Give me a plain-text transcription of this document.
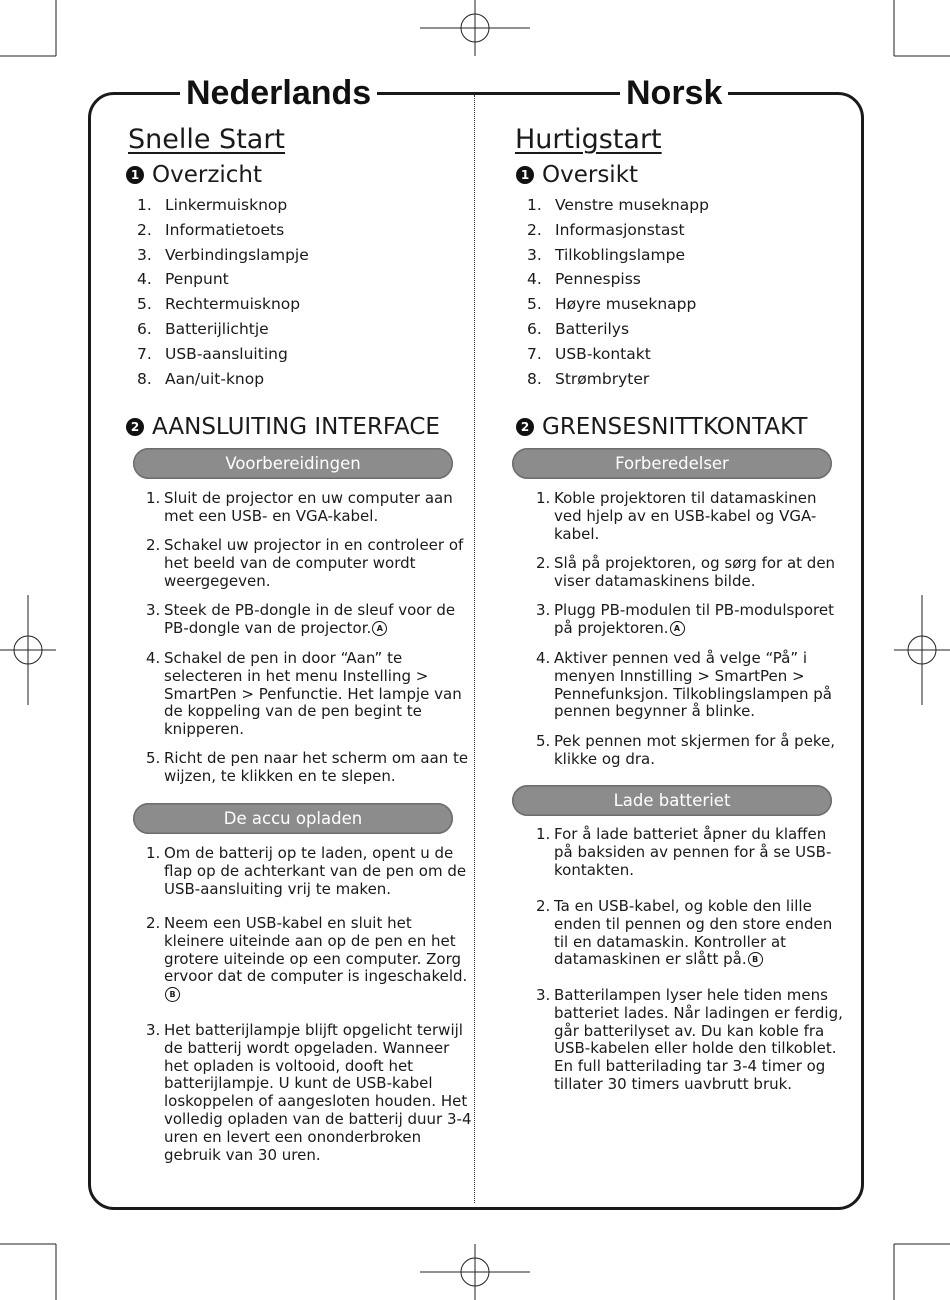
Nederlands	Norsk
Snelle Start
1 Overzicht
1. Linkermuisknop
2. Informatietoets
3. Verbindingslampje
4. Penpunt
5. Rechtermuisknop
6. Batterijlichtje
7. USB-aansluiting
8. Aan/uit-knop
2 AANSLUITING INTERFACE
Voorbereidingen
1. Sluit de projector en uw computer aan met een USB- en VGA-kabel.
2. Schakel uw projector in en controleer of het beeld van de computer wordt weergegeven.
3. Steek de PB-dongle in de sleuf voor de PB-dongle van de projector. A
4. Schakel de pen in door “Aan” te selecteren in het menu Instelling > SmartPen > Penfunctie. Het lampje van de koppeling van de pen begint te knipperen.
5. Richt de pen naar het scherm om aan te wijzen, te klikken en te slepen.
De accu opladen
1. Om de batterij op te laden, opent u de flap op de achterkant van de pen om de USB-aansluiting vrij te maken.
2. Neem een USB-kabel en sluit het kleinere uiteinde aan op de pen en het grotere uiteinde op een computer. Zorg ervoor dat de computer is ingeschakeld.B
3. Het batterijlampje blijft opgelicht terwijl de batterij wordt opgeladen. Wanneer het opladen is voltooid, dooft het batterijlampje. U kunt de USB-kabel loskoppelen of aangesloten houden. Het volledig opladen van de batterij duur 3-4 uren en levert een ononderbroken gebruik van 30 uren.
Hurtigstart
1 Oversikt
1. Venstre museknapp
2. Informasjonstast
3. Tilkoblingslampe
4. Pennespiss
5. Høyre museknapp
6. Batterilys
7. USB-kontakt
8. Strømbryter
2 GRENSESNITTKONTAKT
Forberedelser
1. Koble projektoren til datamaskinen ved hjelp av en USB-kabel og VGA-kabel.
2. Slå på projektoren, og sørg for at den viser datamaskinens bilde.
3. Plugg PB-modulen til PB-modulsporet på projektoren. A
4. Aktiver pennen ved å velge “På” i menyen Innstilling > SmartPen > Pennefunksjon. Tilkoblingslampen på pennen begynner å blinke.
5. Pek pennen mot skjermen for å peke, klikke og dra.
Lade batteriet
1. For å lade batteriet åpner du klaffen på baksiden av pennen for å se USB-kontakten.
2. Ta en USB-kabel, og koble den lille enden til pennen og den store enden til en datamaskin. Kontroller at datamaskinen er slått på. B
3. Batterilampen lyser hele tiden mens batteriet lades. Når ladingen er ferdig, går batterilyset av. Du kan koble fra USB-kabelen eller holde den tilkoblet. En full batterilading tar 3-4 timer og tillater 30 timers uavbrutt bruk.
